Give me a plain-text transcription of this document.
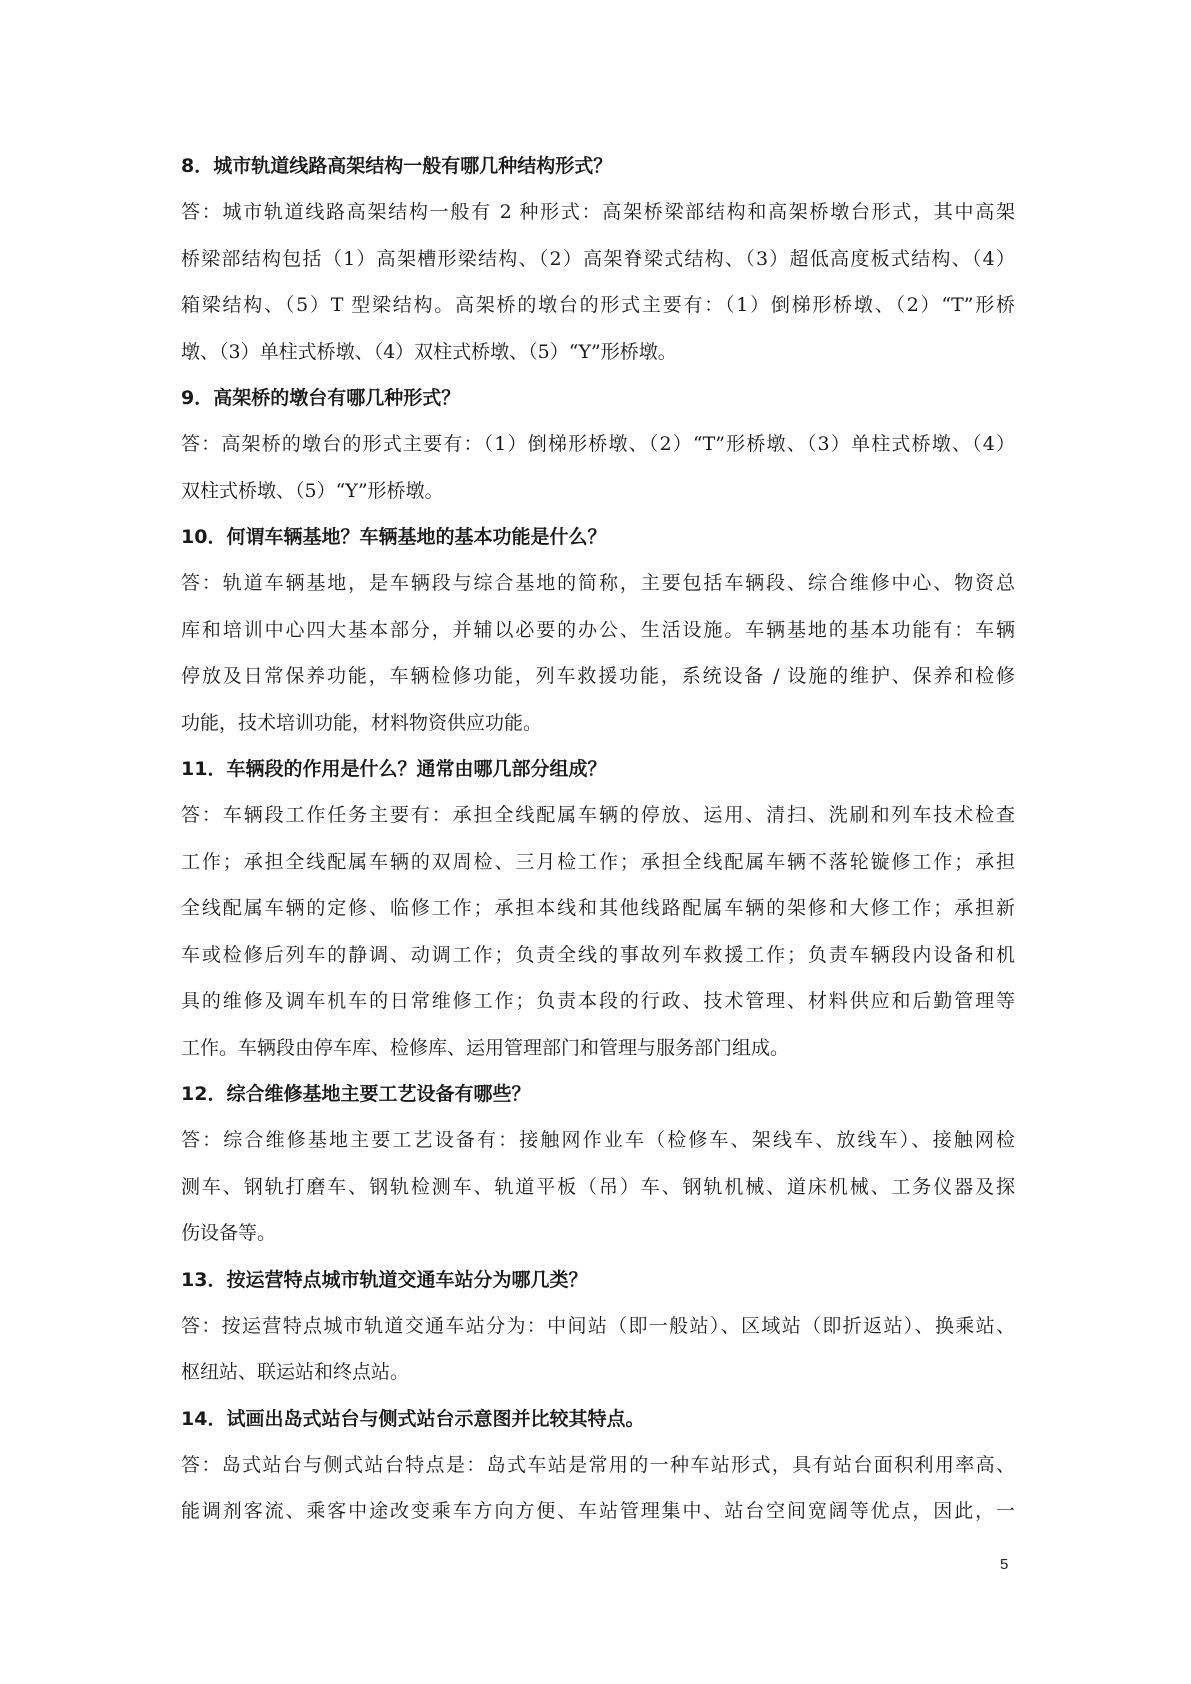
8．城市轨道线路高架结构一般有哪几种结构形式？
答：城市轨道线路高架结构一般有 2 种形式：高架桥梁部结构和高架桥墩台形式，其中高架
桥梁部结构包括（1）高架槽形梁结构、（2）高架脊梁式结构、（3）超低高度板式结构、（4）
箱梁结构、（5）T 型梁结构。高架桥的墩台的形式主要有：（1）倒梯形桥墩、（2）“T”形桥
墩、（3）单柱式桥墩、（4）双柱式桥墩、（5）“Y”形桥墩。
9．高架桥的墩台有哪几种形式？
答：高架桥的墩台的形式主要有：（1）倒梯形桥墩、（2）“T”形桥墩、（3）单柱式桥墩、（4）
双柱式桥墩、（5）“Y”形桥墩。
10．何谓车辆基地？车辆基地的基本功能是什么？
答：轨道车辆基地，是车辆段与综合基地的简称，主要包括车辆段、综合维修中心、物资总
库和培训中心四大基本部分，并辅以必要的办公、生活设施。车辆基地的基本功能有：车辆
停放及日常保养功能，车辆检修功能，列车救援功能，系统设备 / 设施的维护、保养和检修
功能，技术培训功能，材料物资供应功能。
11．车辆段的作用是什么？通常由哪几部分组成？
答：车辆段工作任务主要有：承担全线配属车辆的停放、运用、清扫、洗刷和列车技术检查
工作；承担全线配属车辆的双周检、三月检工作；承担全线配属车辆不落轮镟修工作；承担
全线配属车辆的定修、临修工作；承担本线和其他线路配属车辆的架修和大修工作；承担新
车或检修后列车的静调、动调工作；负责全线的事故列车救援工作；负责车辆段内设备和机
具的维修及调车机车的日常维修工作；负责本段的行政、技术管理、材料供应和后勤管理等
工作。车辆段由停车库、检修库、运用管理部门和管理与服务部门组成。
12．综合维修基地主要工艺设备有哪些？
答：综合维修基地主要工艺设备有：接触网作业车（检修车、架线车、放线车）、接触网检
测车、钢轨打磨车、钢轨检测车、轨道平板（吊）车、钢轨机械、道床机械、工务仪器及探
伤设备等。
13．按运营特点城市轨道交通车站分为哪几类？
答：按运营特点城市轨道交通车站分为：中间站（即一般站）、区域站（即折返站）、换乘站、
枢纽站、联运站和终点站。
14．试画出岛式站台与侧式站台示意图并比较其特点。
答：岛式站台与侧式站台特点是：岛式车站是常用的一种车站形式，具有站台面积利用率高、
能调剂客流、乘客中途改变乘车方向方便、车站管理集中、站台空间宽阔等优点，因此，一
5
